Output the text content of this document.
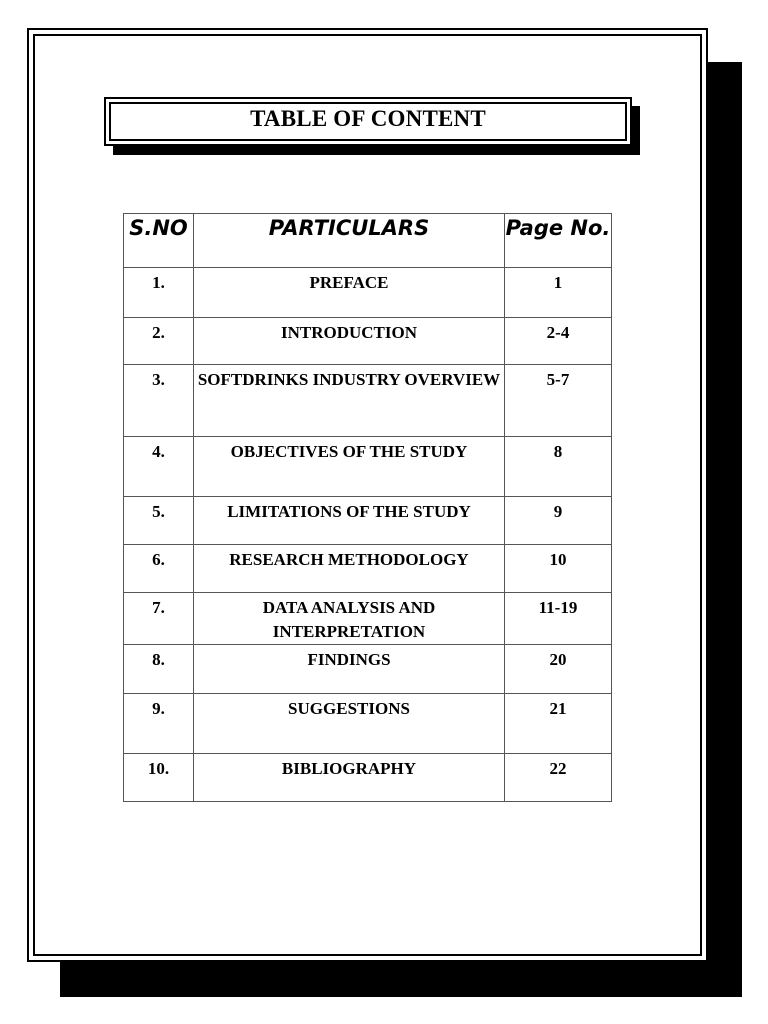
TABLE OF CONTENT
S.NO	PARTICULARS	Page No.
1.	PREFACE	1
2.	INTRODUCTION	2-4
3.	SOFTDRINKS INDUSTRY OVERVIEW	5-7
4.	OBJECTIVES OF THE STUDY	8
5.	LIMITATIONS OF THE STUDY	9
6.	RESEARCH METHODOLOGY	10
7.	DATA ANALYSIS AND INTERPRETATION	11-19
8.	FINDINGS	20
9.	SUGGESTIONS	21
10.	BIBLIOGRAPHY	22
